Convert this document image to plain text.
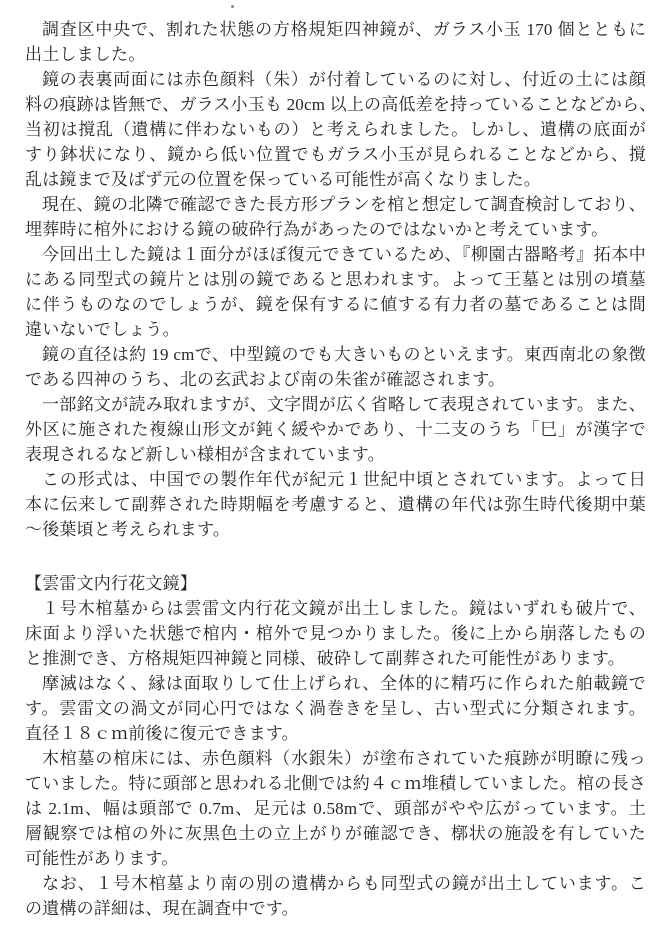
調査区中央で、割れた状態の方格規矩四神鏡が、ガラス小玉 170 個とともに
出土しました。
鏡の表裏両面には赤色顔料（朱）が付着しているのに対し、付近の土には顔
料の痕跡は皆無で、ガラス小玉も 20cm 以上の高低差を持っていることなどから、
当初は撹乱（遺構に伴わないもの）と考えられました。しかし、遺構の底面が
すり鉢状になり、鏡から低い位置でもガラス小玉が見られることなどから、撹
乱は鏡まで及ばず元の位置を保っている可能性が高くなりました。
現在、鏡の北隣で確認できた長方形プランを棺と想定して調査検討しており、
埋葬時に棺外における鏡の破砕行為があったのではないかと考えています。
今回出土した鏡は１面分がほぼ復元できているため、『柳園古器略考』拓本中
にある同型式の鏡片とは別の鏡であると思われます。よって王墓とは別の墳墓
に伴うものなのでしょうが、鏡を保有するに値する有力者の墓であることは間
違いないでしょう。
鏡の直径は約 19 cmで、中型鏡のでも大きいものといえます。東西南北の象徴
である四神のうち、北の玄武および南の朱雀が確認されます。
一部銘文が読み取れますが、文字間が広く省略して表現されています。また、
外区に施された複線山形文が鈍く緩やかであり、十二支のうち「巳」が漢字で
表現されるなど新しい様相が含まれています。
この形式は、中国での製作年代が紀元１世紀中頃とされています。よって日
本に伝来して副葬された時期幅を考慮すると、遺構の年代は弥生時代後期中葉
〜後葉頃と考えられます。
【雲雷文内行花文鏡】
１号木棺墓からは雲雷文内行花文鏡が出土しました。鏡はいずれも破片で、
床面より浮いた状態で棺内・棺外で見つかりました。後に上から崩落したもの
と推測でき、方格規矩四神鏡と同様、破砕して副葬された可能性があります。
摩滅はなく、縁は面取りして仕上げられ、全体的に精巧に作られた舶載鏡で
す。雲雷文の渦文が同心円ではなく渦巻きを呈し、古い型式に分類されます。
直径１８ｃｍ前後に復元できます。
木棺墓の棺床には、赤色顔料（水銀朱）が塗布されていた痕跡が明瞭に残っ
ていました。特に頭部と思われる北側では約４ｃｍ堆積していました。棺の長さ
は 2.1m、幅は頭部で 0.7m、足元は 0.58mで、頭部がやや広がっています。土
層観察では棺の外に灰黒色土の立上がりが確認でき、槨状の施設を有していた
可能性があります。
なお、１号木棺墓より南の別の遺構からも同型式の鏡が出土しています。こ
の遺構の詳細は、現在調査中です。
